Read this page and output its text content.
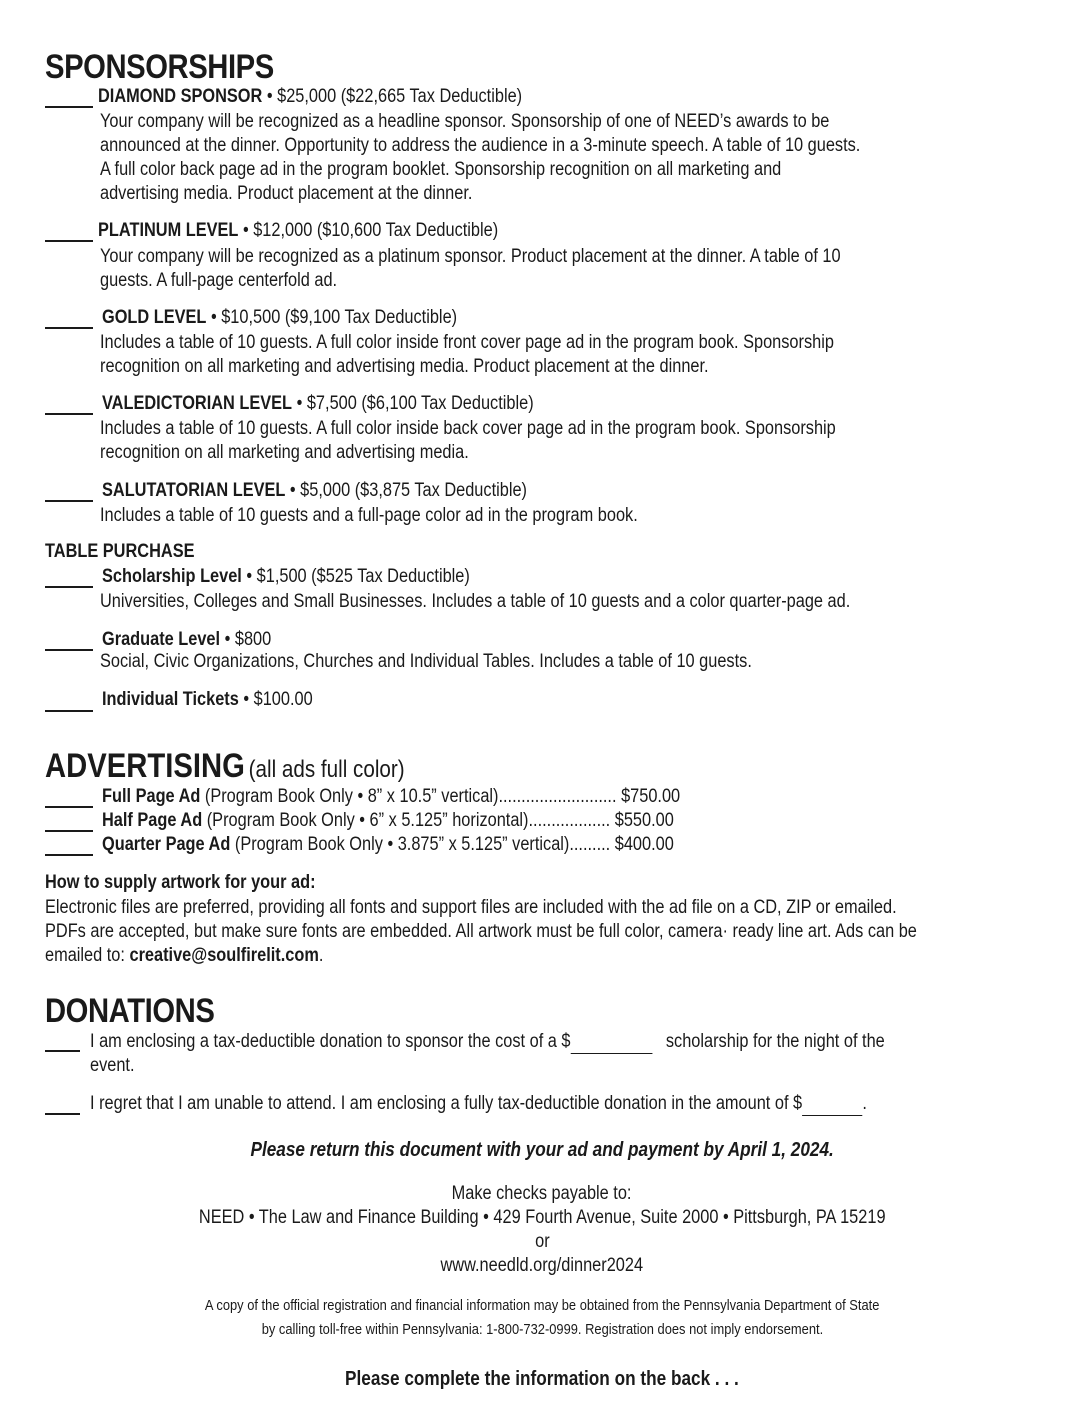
SPONSORSHIPS
DIAMOND SPONSOR • $25,000 ($22,665 Tax Deductible)
Your company will be recognized as a headline sponsor. Sponsorship of one of NEED’s awards to be
announced at the dinner. Opportunity to address the audience in a 3-minute speech. A table of 10 guests.
A full color back page ad in the program booklet. Sponsorship recognition on all marketing and
advertising media. Product placement at the dinner.
PLATINUM LEVEL • $12,000 ($10,600 Tax Deductible)
Your company will be recognized as a platinum sponsor. Product placement at the dinner. A table of 10
guests. A full-page centerfold ad.
GOLD LEVEL • $10,500 ($9,100 Tax Deductible)
Includes a table of 10 guests. A full color inside front cover page ad in the program book. Sponsorship
recognition on all marketing and advertising media. Product placement at the dinner.
VALEDICTORIAN LEVEL • $7,500 ($6,100 Tax Deductible)
Includes a table of 10 guests. A full color inside back cover page ad in the program book. Sponsorship
recognition on all marketing and advertising media.
SALUTATORIAN LEVEL • $5,000 ($3,875 Tax Deductible)
Includes a table of 10 guests and a full-page color ad in the program book.
TABLE PURCHASE
Scholarship Level • $1,500 ($525 Tax Deductible)
Universities, Colleges and Small Businesses. Includes a table of 10 guests and a color quarter-page ad.
Graduate Level • $800
Social, Civic Organizations, Churches and Individual Tables. Includes a table of 10 guests.
Individual Tickets • $100.00
ADVERTISING (all ads full color)
Full Page Ad (Program Book Only • 8” x 10.5” vertical).......................... $750.00
Half Page Ad (Program Book Only • 6” x 5.125” horizontal).................. $550.00
Quarter Page Ad (Program Book Only • 3.875” x 5.125” vertical)......... $400.00
How to supply artwork for your ad:
Electronic files are preferred, providing all fonts and support files are included with the ad file on a CD, ZIP or emailed.
PDFs are accepted, but make sure fonts are embedded. All artwork must be full color, camera· ready line art. Ads can be
emailed to: creative@soulfirelit.com.
DONATIONS
I am enclosing a tax-deductible donation to sponsor the cost of a $	scholarship for the night of the
event.
I regret that I am unable to attend. I am enclosing a fully tax-deductible donation in the amount of $	.
Please return this document with your ad and payment by April 1, 2024.
Make checks payable to:
NEED • The Law and Finance Building • 429 Fourth Avenue, Suite 2000 • Pittsburgh, PA 15219
or
www.needld.org/dinner2024
A copy of the official registration and financial information may be obtained from the Pennsylvania Department of State
by calling toll-free within Pennsylvania: 1-800-732-0999. Registration does not imply endorsement.
Please complete the information on the back . . .
